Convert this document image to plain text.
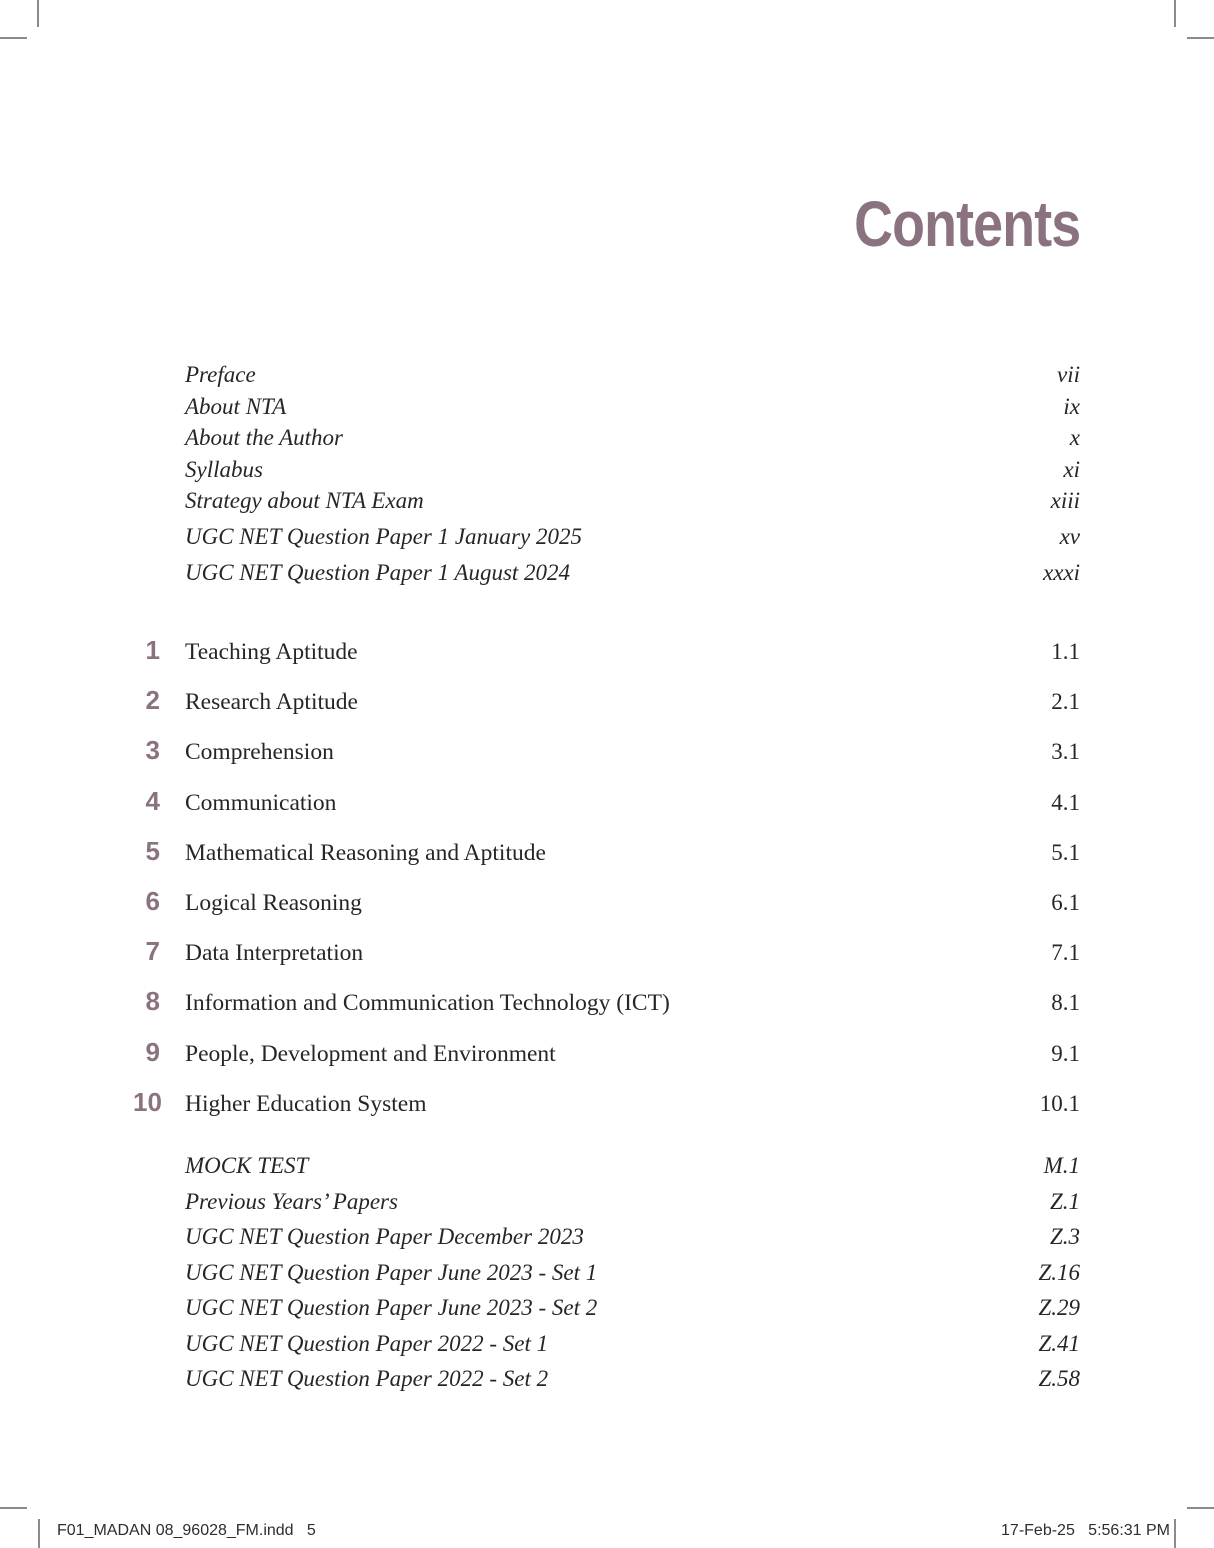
Contents
Preface	vii
About NTA	ix
About the Author	x
Syllabus	xi
Strategy about NTA Exam	xiii
UGC NET Question Paper 1 January 2025	xv
UGC NET Question Paper 1 August 2024	xxxi
1 Teaching Aptitude	1.1
2 Research Aptitude	2.1
3 Comprehension	3.1
4 Communication	4.1
5 Mathematical Reasoning and Aptitude	5.1
6 Logical Reasoning	6.1
7 Data Interpretation	7.1
8 Information and Communication Technology (ICT)	8.1
9 People, Development and Environment	9.1
10 Higher Education System	10.1
MOCK TEST	M.1
Previous Years’ Papers	Z.1
UGC NET Question Paper December 2023	Z.3
UGC NET Question Paper June 2023 - Set 1	Z.16
UGC NET Question Paper June 2023 - Set 2	Z.29
UGC NET Question Paper 2022 - Set 1	Z.41
UGC NET Question Paper 2022 - Set 2	Z.58
F01_MADAN 08_96028_FM.indd   5	17-Feb-25   5:56:31 PM
